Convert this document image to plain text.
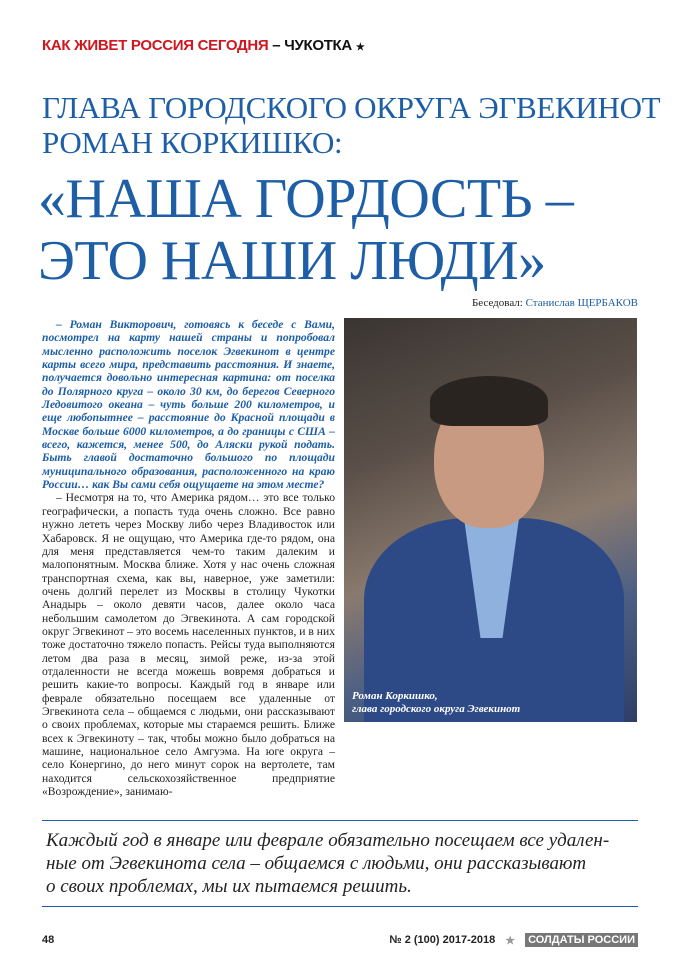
КАК ЖИВЕТ РОССИЯ СЕГОДНЯ – ЧУКОТКА ★
ГЛАВА ГОРОДСКОГО ОКРУГА ЭГВЕКИНОТ
РОМАН КОРКИШКО:
«НАША ГОРДОСТЬ –
ЭТО НАШИ ЛЮДИ»
Беседовал: Станислав ЩЕРБАКОВ

– Роман Викторович, готовясь к беседе с Вами, посмотрел на карту нашей страны и попробовал мысленно расположить поселок Эгвекинот в центре карты всего мира, представить расстояния. И знаете, получается довольно интересная картина: от поселка до Полярного круга – около 30 км, до берегов Северного Ледовитого океана – чуть больше 200 километров, и еще любопытнее – расстояние до Красной площади в Москве больше 6000 километров, а до границы с США – всего, кажется, менее 500, до Аляски рукой подать. Быть главой достаточно большого по площади муниципального образования, расположенного на краю России… как Вы сами себя ощущаете на этом месте?

– Несмотря на то, что Америка рядом… это все только географически, а попасть туда очень сложно. Все равно нужно лететь через Москву либо через Владивосток или Хабаровск. Я не ощущаю, что Америка где-то рядом, она для меня представляется чем-то таким далеким и малопонятным. Москва ближе. Хотя у нас очень сложная транспортная схема, как вы, наверное, уже заметили: очень долгий перелет из Москвы в столицу Чукотки Анадырь – около девяти часов, далее около часа небольшим самолетом до Эгвекинота. А сам городской округ Эгвекинот – это восемь населенных пунктов, и в них тоже достаточно тяжело попасть. Рейсы туда выполняются летом два раза в месяц, зимой реже, из-за этой отдаленности не всегда можешь вовремя добраться и решить какие-то вопросы. Каждый год в январе или феврале обязательно посещаем все удаленные от Эгвекинота села – общаемся с людьми, они рассказывают о своих проблемах, которые мы стараемся решить. Ближе всех к Эгвекиноту – так, чтобы можно было добраться на машине, национальное село Амгуэма. На юге округа – село Конергино, до него минут сорок на вертолете, там находится сельскохозяйственное предприятие «Возрождение», занимаю-

Роман Коркишко,
глава городского округа Эгвекинот
Каждый год в январе или феврале обязательно посещаем все удален-
ные от Эгвекинота села – общаемся с людьми, они рассказывают
о своих проблемах, мы их пытаемся решить.
48	№ 2 (100) 2017-2018 ★ СОЛДАТЫ РОССИИ
